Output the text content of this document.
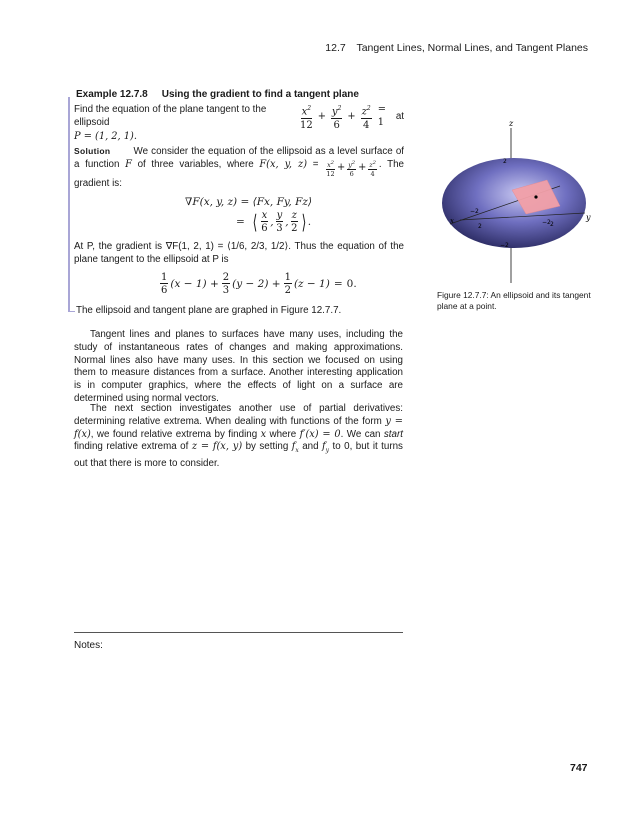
12.7 Tangent Lines, Normal Lines, and Tangent Planes
Example 12.7.8 Using the gradient to find a tangent plane
Find the equation of the plane tangent to the ellipsoid	$\frac{x^2}{12} + \frac{y^2}{6} + \frac{z^2}{4} = 1$
at
P = (1, 2, 1).
Solution We consider the equation of the ellipsoid as a level surface of a function F of three variables, where F(x, y, $z) = \frac{x^2}{12} + \frac{y^2}{6} + \frac{z^2}{4}$ . The gradient is:
∇F(x, y, z) = ⟨Fx, Fy, Fz⟩
= ⟨ $\frac{x}{6}$ , $\frac{y}{3}$ , $\frac{z}{2}$ ⟩ .
At P, the gradient is ∇F(1, 2, 1) = ⟨1/6, 2/3, 1/2⟩. Thus the equation of the plane tangent to the ellipsoid at P is
$\frac{1}{6} (x - 1) + \frac{2}{3} (y - 2) + \frac{1}{2} (z - 1) = 0$.
The ellipsoid and tangent plane are graphed in Figure 12.7.7.
Tangent lines and planes to surfaces have many uses, including the study of instantaneous rates of changes and making approximations. Normal lines also have many uses. In this section we focused on using them to measure distances from a surface. Another interesting application is in computer graphics, where the effects of light on a surface are determined using normal vectors.
The next section investigates another use of partial derivatives: determining relative extrema. When dealing with functions of the form y = f(x), we found relative extrema by finding x where f′(x) = 0. We can start finding relative extrema of z = f(x, y) by setting $f_x$ and $f_y$ to 0, but it turns out that there is more to consider.
z
y
x
2
−2
−2
2
−2 2
Figure 12.7.7: An ellipsoid and its tangent plane at a point.
Notes:
747
